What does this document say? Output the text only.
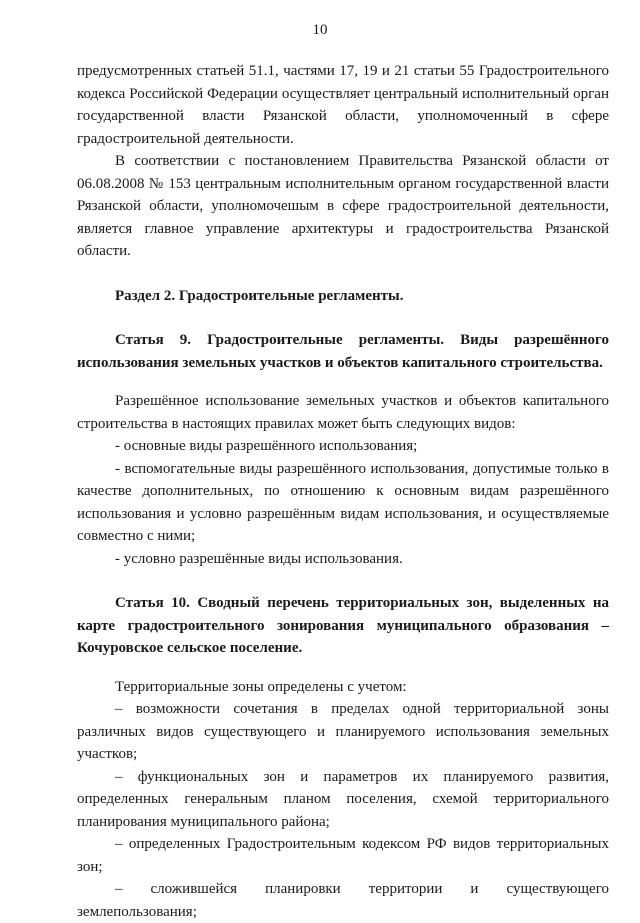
10

предусмотренных статьей 51.1, частями 17, 19 и 21 статьи 55 Градостроительного кодекса Российской Федерации осуществляет центральный исполнительный орган государственной власти Рязанской области, уполномоченный в сфере градостроительной деятельности.

В соответствии с постановлением Правительства Рязанской области от 06.08.2008 № 153 центральным исполнительным органом государственной власти Рязанской области, уполномочешым в сфере градостроительной деятельности, является главное управление архитектуры и градостроительства Рязанской области.

Раздел 2. Градостроительные регламенты.

Статья 9. Градостроительные регламенты. Виды разрешённого использования земельных участков и объектов капитального строительства.

Разрешённое использование земельных участков и объектов капитального строительства в настоящих правилах может быть следующих видов:

- основные виды разрешённого использования;

- вспомогательные виды разрешённого использования, допустимые только в качестве дополнительных, по отношению к основным видам разрешённого использования и условно разрешённым видам использования, и осуществляемые совместно с ними;

- условно разрешённые виды использования.

Статья 10. Сводный перечень территориальных зон, выделенных на карте градостроительного зонирования муниципального образования – Кочуровское сельское поселение.

Территориальные зоны определены с учетом:

– возможности сочетания в пределах одной территориальной зоны различных видов существующего и планируемого использования земельных участков;

– функциональных зон и параметров их планируемого развития, определенных генеральным планом поселения, схемой территориального планирования муниципального района;

– определенных Градостроительным кодексом РФ видов территориальных зон;

– сложившейся планировки территории и существующего землепользования;
